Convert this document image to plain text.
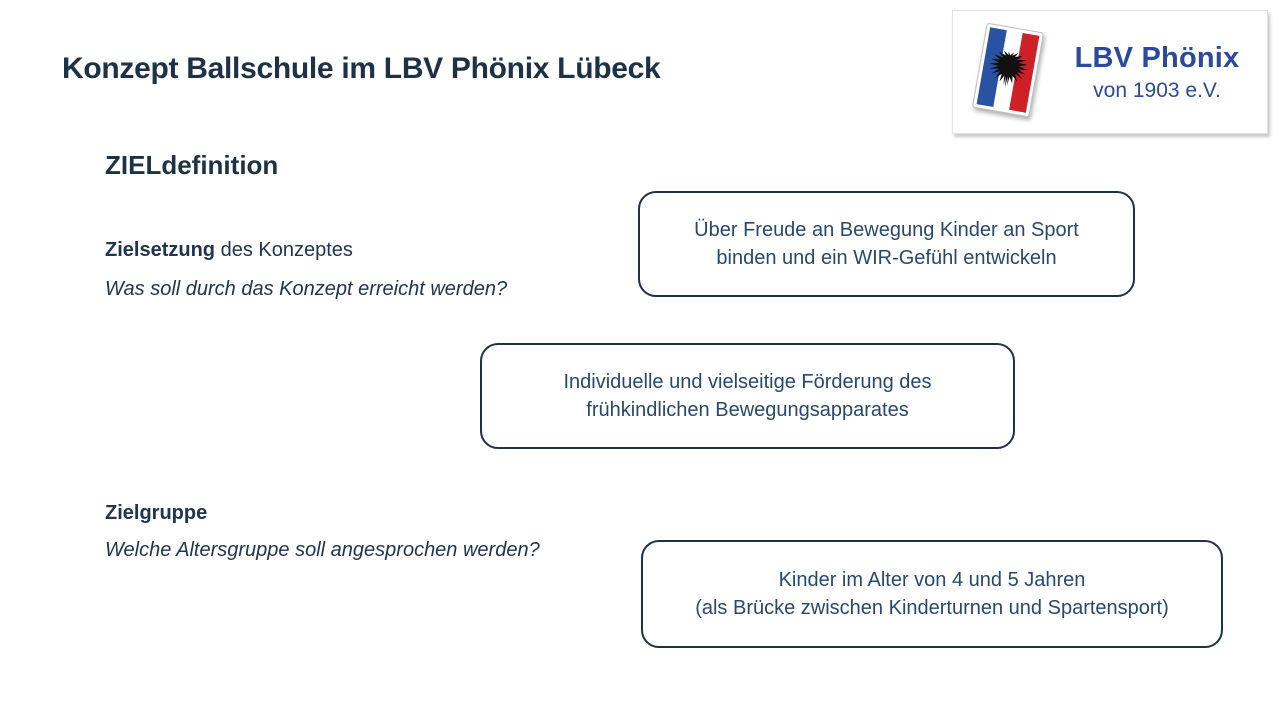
Konzept Ballschule im LBV Phönix Lübeck	LBV Phönix
von 1903 e.V.
ZIELdefinition
Zielsetzung des Konzeptes
Was soll durch das Konzept erreicht werden?
Über Freude an Bewegung Kinder an Sport
binden und ein WIR-Gefühl entwickeln
Individuelle und vielseitige Förderung des
frühkindlichen Bewegungsapparates
Zielgruppe
Welche Altersgruppe soll angesprochen werden?
Kinder im Alter von 4 und 5 Jahren
(als Brücke zwischen Kinderturnen und Spartensport)
